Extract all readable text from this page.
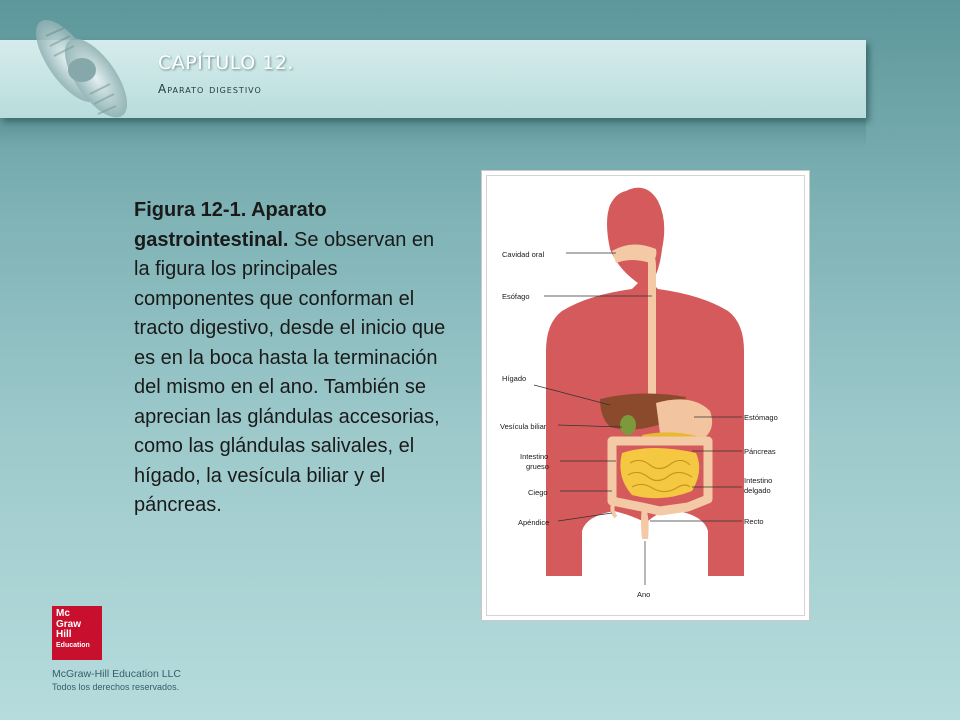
CAPÍTULO 12.
Aparato digestivo

Figura 12-1. Aparato gastrointestinal. Se observan en la figura los principales componentes que conforman el tracto digestivo, desde el inicio que es en la boca hasta la terminación del mismo en el ano. También se aprecian las glándulas accesorias, como las glándulas salivales, el hígado, la vesícula biliar y el páncreas.

Cavidad oral
Esófago
Hígado
Vesícula biliar
Intestino
grueso
Ciego
Apéndice
Estómago
Páncreas
Intestino
delgado
Recto
Ano
Mc
Graw
Hill
Education

McGraw-Hill Education LLC

Todos los derechos reservados.
